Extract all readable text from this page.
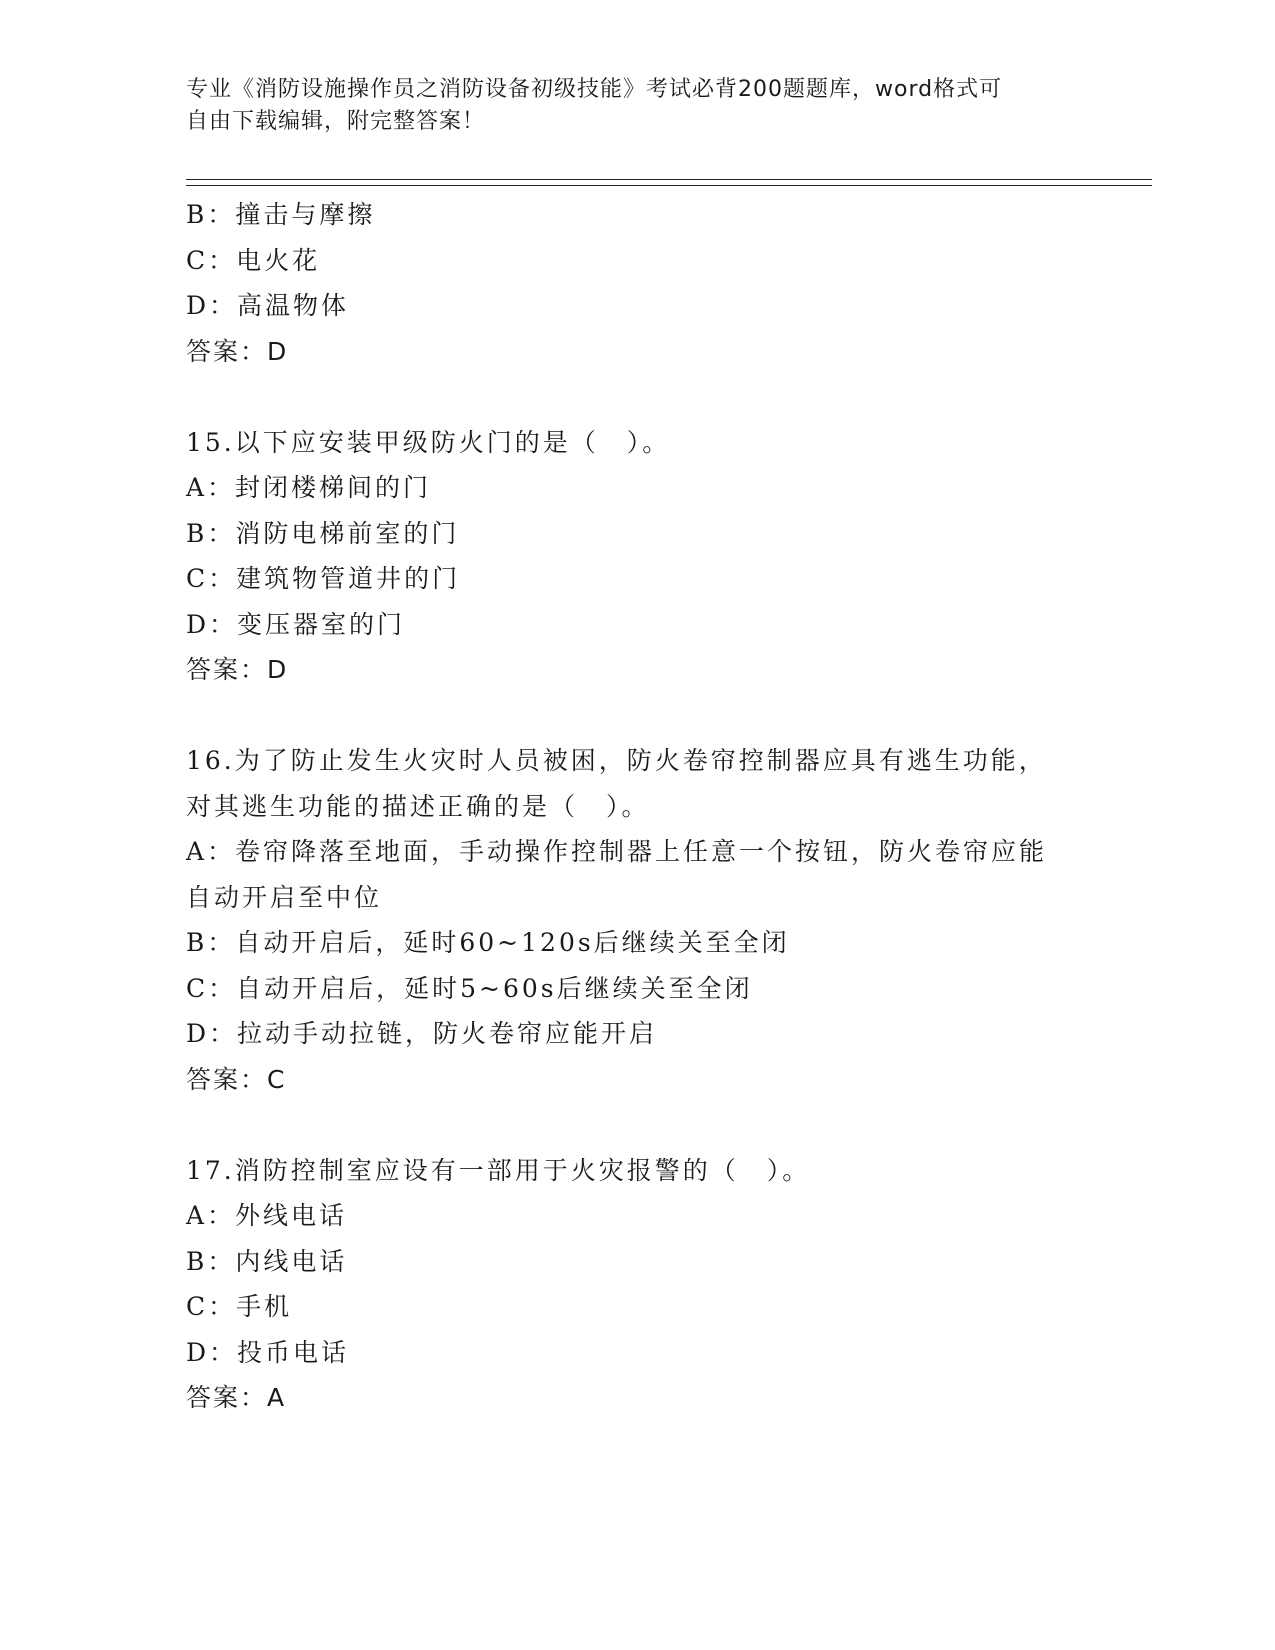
专业《消防设施操作员之消防设备初级技能》考试必背200题题库，word格式可
自由下载编辑，附完整答案！
B：撞击与摩擦
C：电火花
D：高温物体
答案：D
15.以下应安装甲级防火门的是（　）。
A：封闭楼梯间的门
B：消防电梯前室的门
C：建筑物管道井的门
D：变压器室的门
答案：D
16.为了防止发生火灾时人员被困，防火卷帘控制器应具有逃生功能，
对其逃生功能的描述正确的是（　）。
A：卷帘降落至地面，手动操作控制器上任意一个按钮，防火卷帘应能
自动开启至中位
B：自动开启后，延时60~120s后继续关至全闭
C：自动开启后，延时5~60s后继续关至全闭
D：拉动手动拉链，防火卷帘应能开启
答案：C
17.消防控制室应设有一部用于火灾报警的（　）。
A：外线电话
B：内线电话
C：手机
D：投币电话
答案：A
